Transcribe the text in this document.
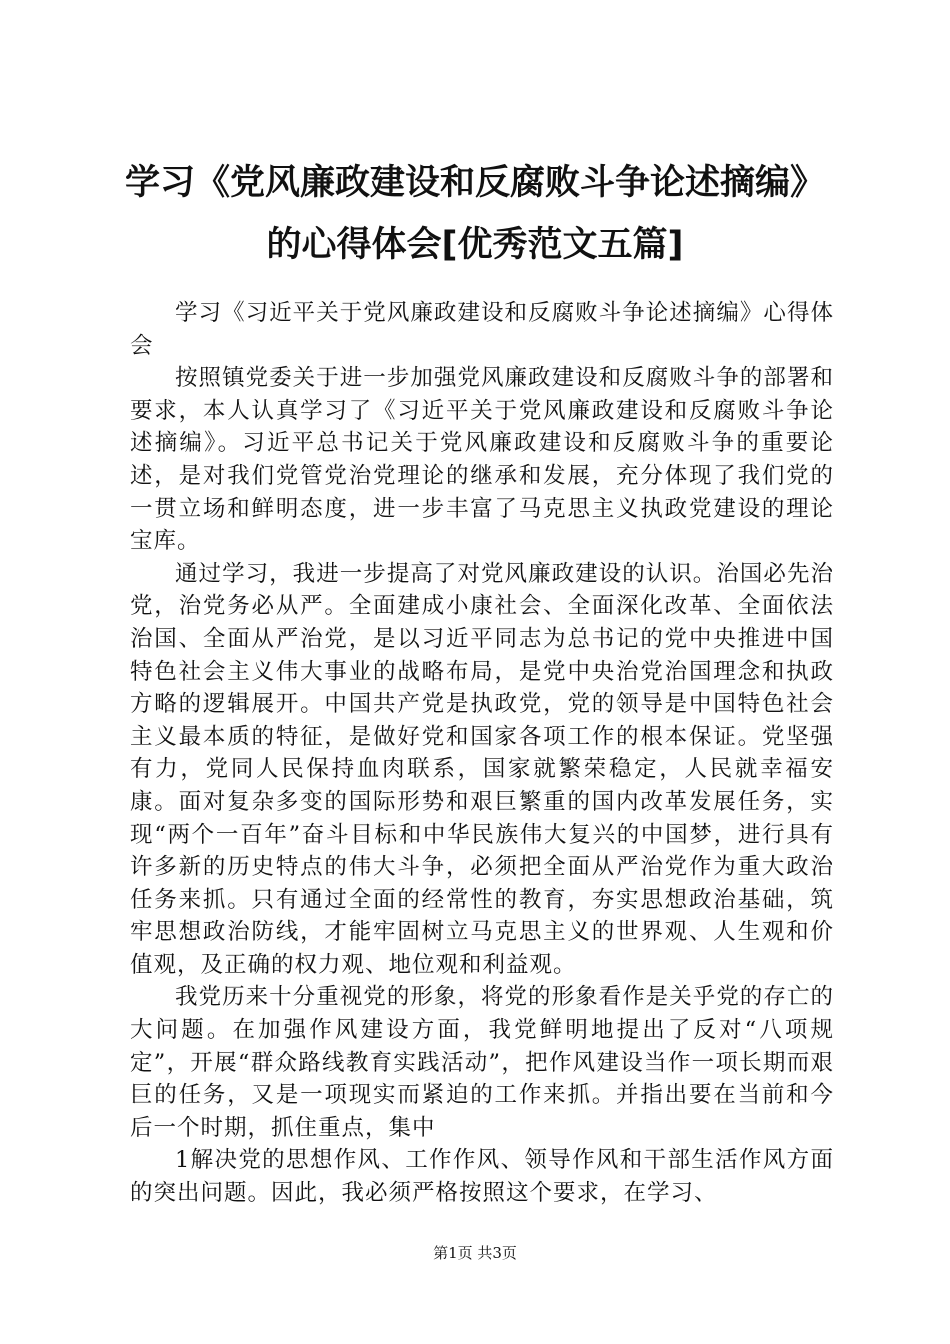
学习《党风廉政建设和反腐败斗争论述摘编》
的心得体会[优秀范文五篇]

学习《习近平关于党风廉政建设和反腐败斗争论述摘编》心得体会

按照镇党委关于进一步加强党风廉政建设和反腐败斗争的部署和要求，本人认真学习了《习近平关于党风廉政建设和反腐败斗争论述摘编》。习近平总书记关于党风廉政建设和反腐败斗争的重要论述，是对我们党管党治党理论的继承和发展，充分体现了我们党的一贯立场和鲜明态度，进一步丰富了马克思主义执政党建设的理论宝库。

通过学习，我进一步提高了对党风廉政建设的认识。治国必先治党，治党务必从严。全面建成小康社会、全面深化改革、全面依法治国、全面从严治党，是以习近平同志为总书记的党中央推进中国特色社会主义伟大事业的战略布局，是党中央治党治国理念和执政方略的逻辑展开。中国共产党是执政党，党的领导是中国特色社会主义最本质的特征，是做好党和国家各项工作的根本保证。党坚强有力，党同人民保持血肉联系，国家就繁荣稳定，人民就幸福安康。面对复杂多变的国际形势和艰巨繁重的国内改革发展任务，实现“两个一百年”奋斗目标和中华民族伟大复兴的中国梦，进行具有许多新的历史特点的伟大斗争，必须把全面从严治党作为重大政治任务来抓。只有通过全面的经常性的教育，夯实思想政治基础，筑牢思想政治防线，才能牢固树立马克思主义的世界观、人生观和价值观，及正确的权力观、地位观和利益观。

我党历来十分重视党的形象，将党的形象看作是关乎党的存亡的大问题。在加强作风建设方面，我党鲜明地提出了反对“八项规定”，开展“群众路线教育实践活动”，把作风建设当作一项长期而艰巨的任务，又是一项现实而紧迫的工作来抓。并指出要在当前和今后一个时期，抓住重点，集中

1解决党的思想作风、工作作风、领导作风和干部生活作风方面的突出问题。因此，我必须严格按照这个要求，在学习、

第1页 共3页
